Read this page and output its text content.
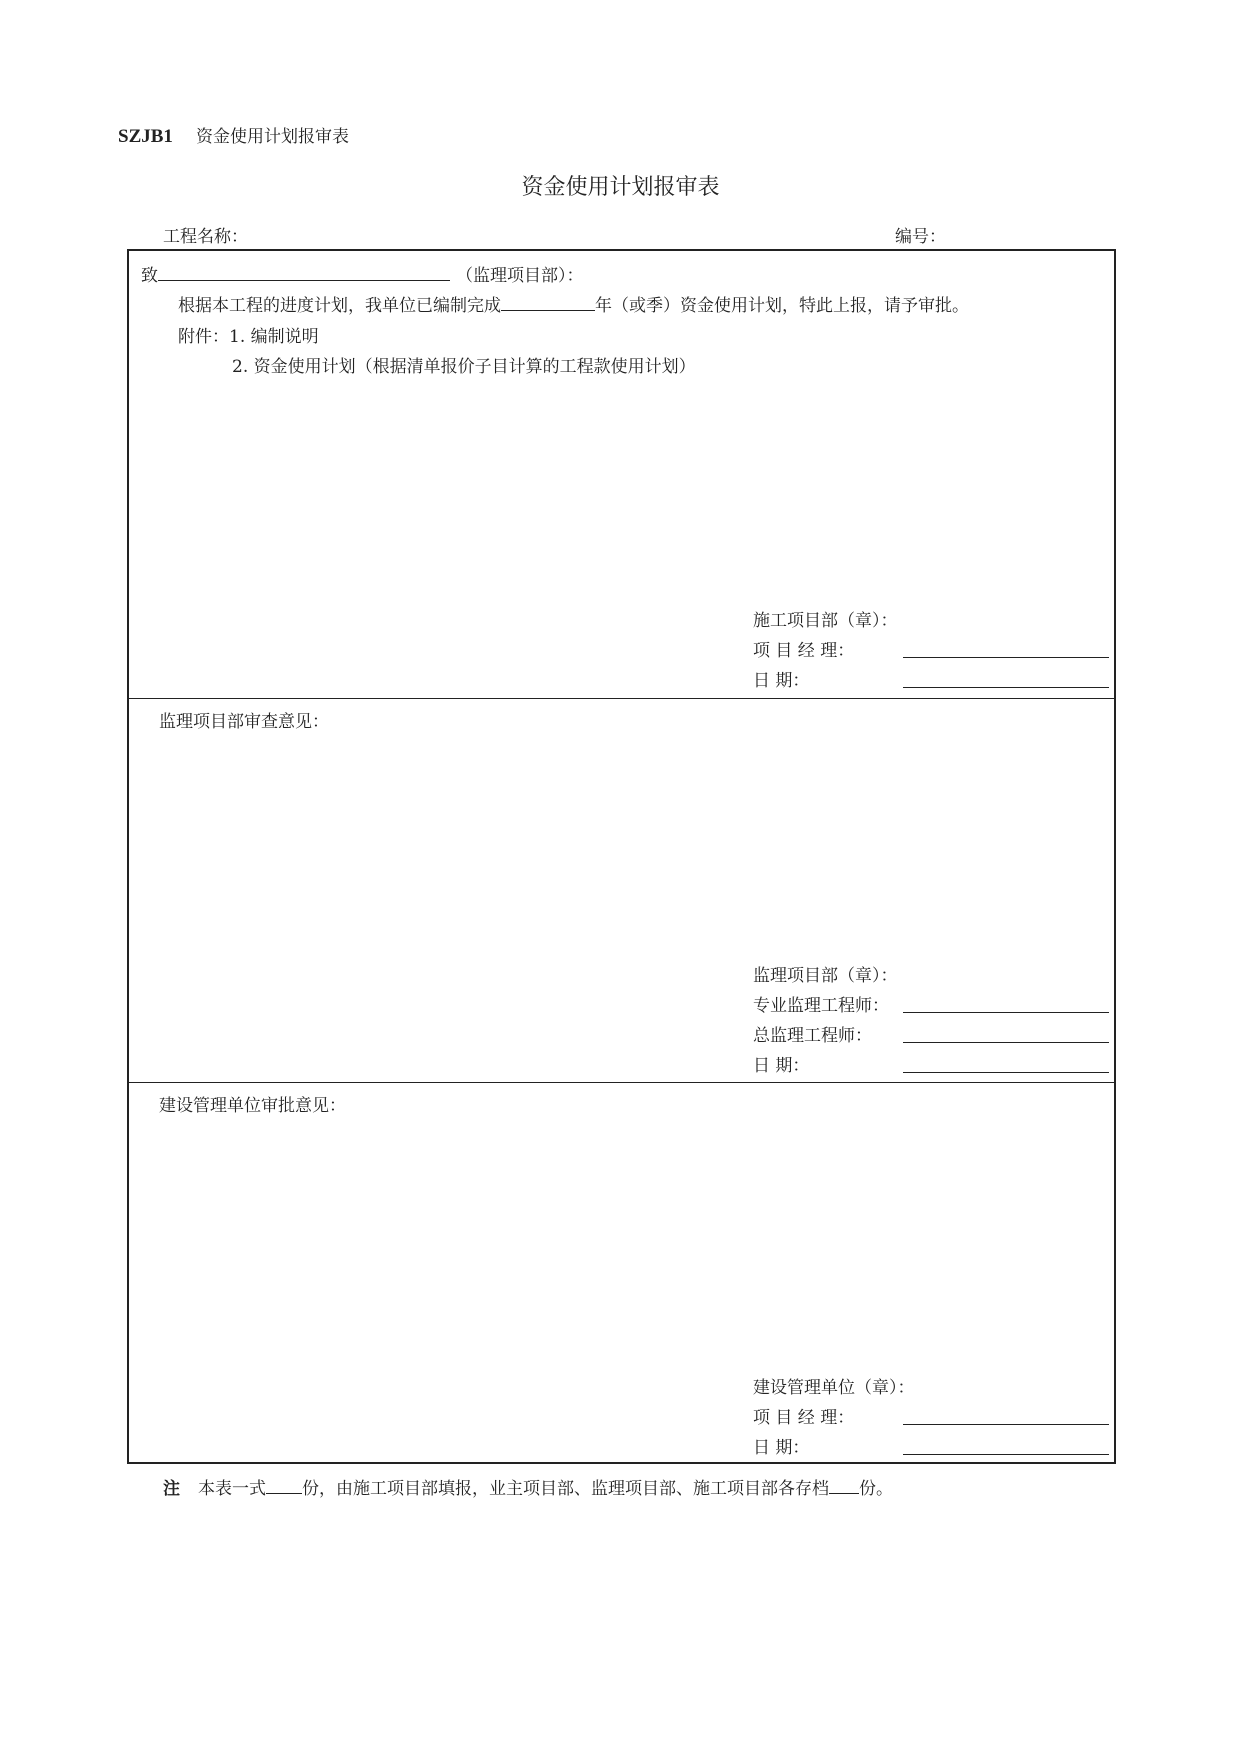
SZJB1 资金使用计划报审表
资金使用计划报审表
工程名称：	编号：
致	（监理项目部）：
根据本工程的进度计划，我单位已编制完成	年（或季）资金使用计划，特此上报，请予审批。
附件：1. 编制说明
2. 资金使用计划（根据清单报价子目计算的工程款使用计划）
施工项目部（章）：
项 目 经 理：
日 期：
监理项目部审查意见：
监理项目部（章）：
专业监理工程师：
总监理工程师：
日 期：
建设管理单位审批意见：
建设管理单位（章）：
项 目 经 理：
日 期：
注 本表一式 份，由施工项目部填报，业主项目部、监理项目部、施工项目部各存档 份。
